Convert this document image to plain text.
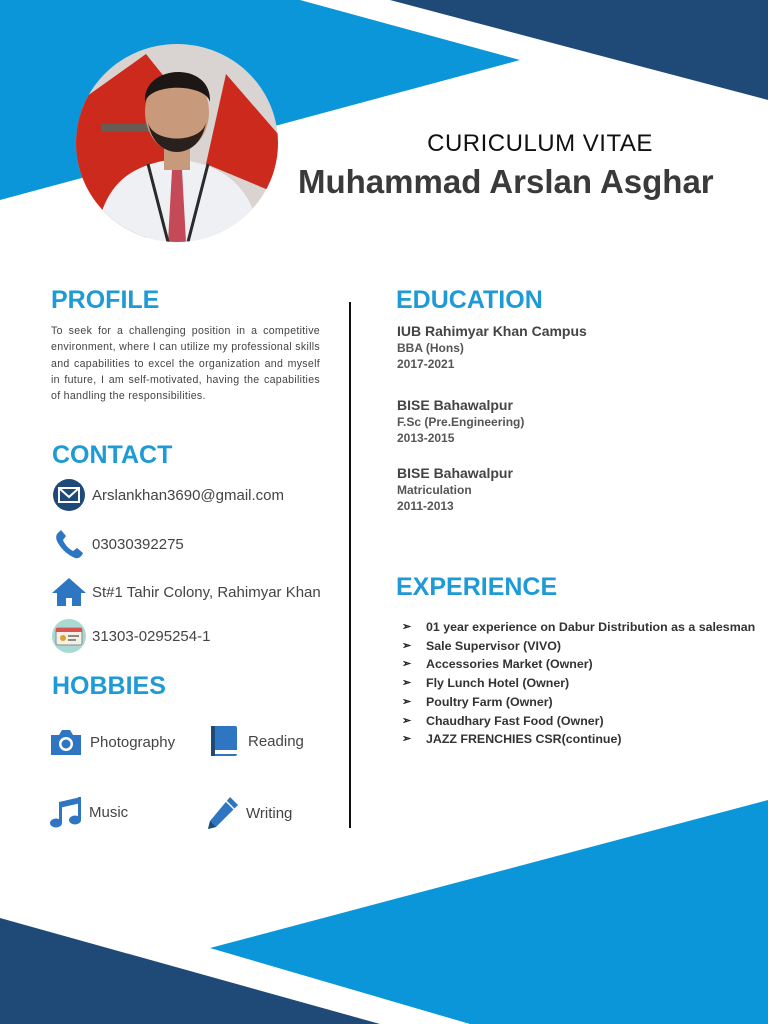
CURICULUM VITAE
Muhammad Arslan Asghar
PROFILE
To seek for a challenging position in a competitive environment, where I can utilize my professional skills and capabilities to excel the organization and myself in future, I am self-motivated, having the capabilities of handling the responsibilities.
CONTACT
Arslankhan3690@gmail.com
03030392275
St#1 Tahir Colony, Rahimyar Khan
31303-0295254-1
HOBBIES
Photography	Reading
Music	Writing
EDUCATION
IUB Rahimyar Khan Campus
BBA (Hons)
2017-2021
BISE Bahawalpur
F.Sc (Pre.Engineering)
2013-2015
BISE Bahawalpur
Matriculation
2011-2013
EXPERIENCE
➢	01 year experience on Dabur Distribution as a salesman
➢	Sale Supervisor (VIVO)
➢	Accessories Market (Owner)
➢	Fly Lunch Hotel (Owner)
➢	Poultry Farm (Owner)
➢	Chaudhary Fast Food (Owner)
➢	JAZZ FRENCHIES CSR(continue)
